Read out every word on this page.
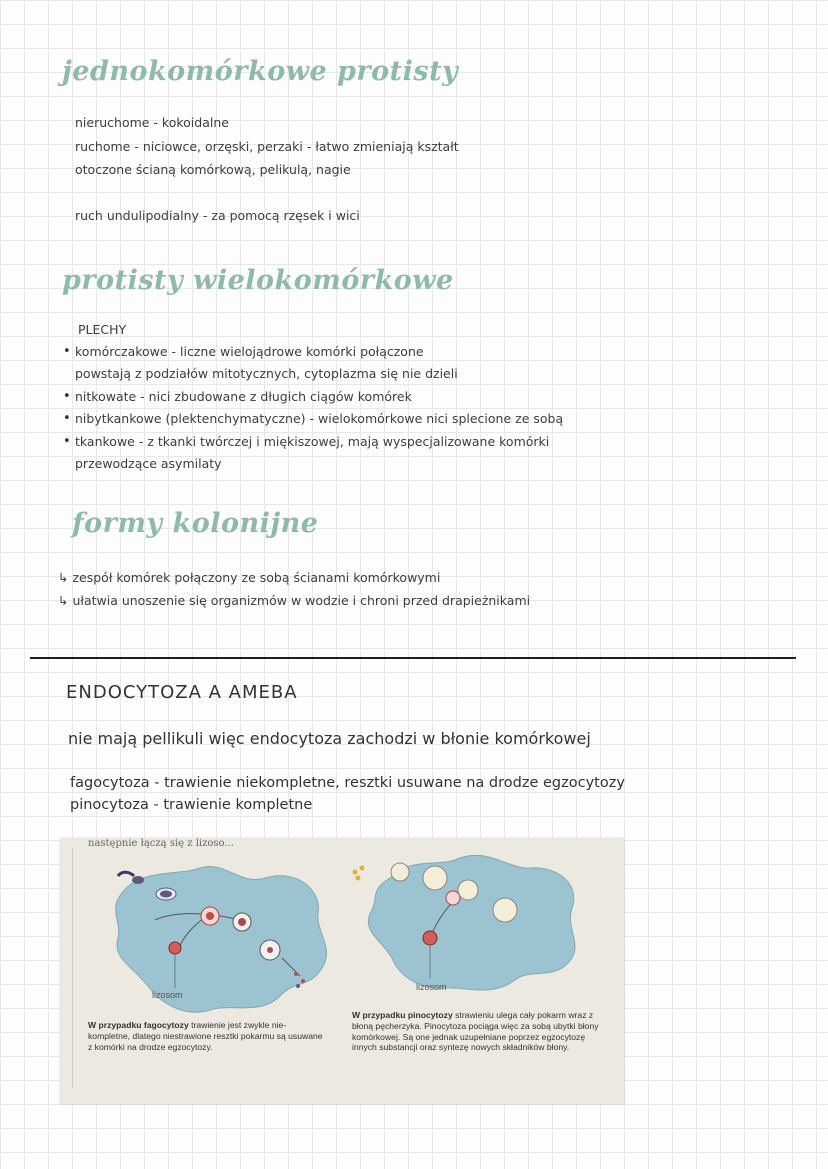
jednokomórkowe protisty
nieruchome - kokoidalne
ruchome - nicіowce, orzęski, perzaki - łatwo zmieniają kształt
otoczone ścianą komórkową, pelikulą, nagie
ruch undulipodialny - za pomocą rzęsek i wici
protisty wielokomórkowe
PLECHY
• komórczakowe - liczne wielojądrowe komórki połączone
powstają z podziałów mitotycznych, cytoplazma się nie dzieli
• nitkowate - nici zbudowane z długich ciągów komórek
• nibytkankowe (plektenchymatyczne) - wielokomórkowe nici splecione ze sobą
• tkankowe - z tkanki twórczej i miękiszowej, mają wyspecjalizowane komórki
przewodzące asymilaty
formy kolonijne
↳ zespół komórek połączony ze sobą ścianami komórkowymi
↳ ułatwia unoszenie się organizmów w wodzie i chroni przed drapieżnikami
ENDOCYTOZA A AMEBA
nie mają pellikuli więc endocytoza zachodzi w błonie komórkowej
fagocytoza - trawienie niekompletne, resztki usuwane na drodze egzocytozy
pinocytoza - trawienie kompletne
następnie łączą się z lizoso...
lizosom
lizosom
W przypadku fagocytozy trawienie jest zwykle nie-kompletne, dlatego niestrawione resztki pokarmu są usuwane z komórki na drodze egzocytozy.
W przypadku pinocytozy strawieniu ulega cały pokarm wraz z błoną pęcherzyka. Pinocytoza pociąga więc za sobą ubytki błony komórkowej. Są one jednak uzupełniane poprzez egzocytozę innych substancji oraz syntezę nowych składników błony.
